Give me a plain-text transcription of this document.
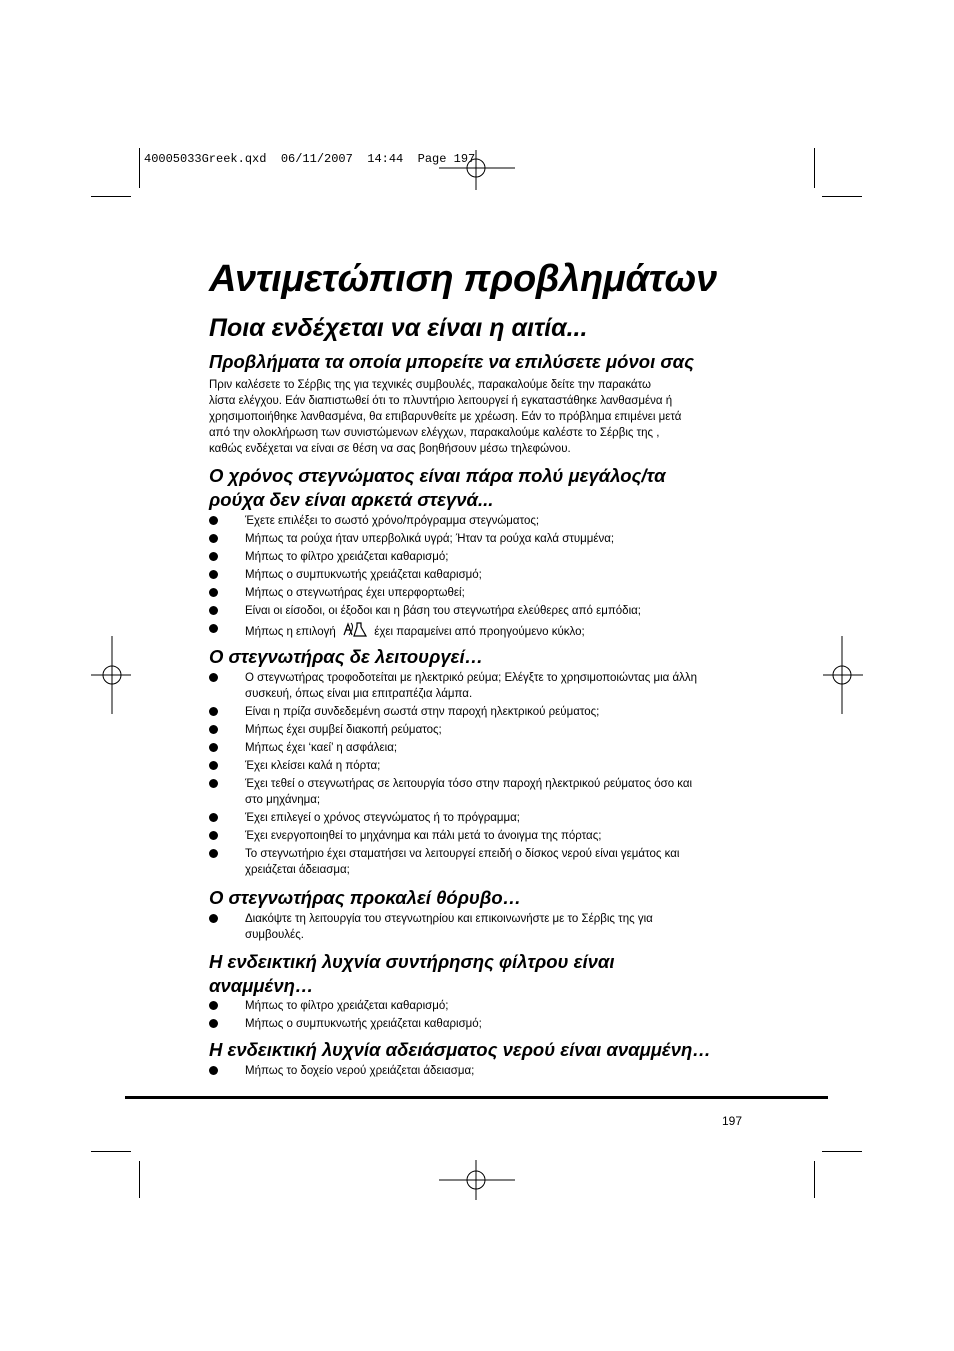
40005033Greek.qxd  06/11/2007  14:44  Page 197
Αντιμετώπιση προβλημάτων
Ποια ενδέχεται να είναι η αιτία...
Προβλήματα τα οποία μπορείτε να επιλύσετε μόνοι σας

Πριν καλέσετε το Σέρβις της για τεχνικές συμβουλές, παρακαλούμε δείτε την παρακάτω

λίστα ελέγχου. Εάν διαπιστωθεί ότι το πλυντήριο λειτουργεί ή εγκαταστάθηκε λανθασμένα ή

χρησιμοποιήθηκε λανθασμένα, θα επιβαρυνθείτε με χρέωση. Εάν το πρόβλημα επιμένει μετά

από την ολοκλήρωση των συνιστώμενων ελέγχων, παρακαλούμε καλέστε το Σέρβις της ,

καθώς ενδέχεται να είναι σε θέση να σας βοηθήσουν μέσω τηλεφώνου.

Ο χρόνος στεγνώματος είναι πάρα πολύ μεγάλος/τα
ρούχα δεν είναι αρκετά στεγνά...
Έχετε επιλέξει το σωστό χρόνο/πρόγραμμα στεγνώματος;
Μήπως τα ρούχα ήταν υπερβολικά υγρά; Ήταν τα ρούχα καλά στυμμένα;
Μήπως το φίλτρο χρειάζεται καθαρισμό;
Μήπως ο συμπυκνωτής χρειάζεται καθαρισμό;
Μήπως ο στεγνωτήρας έχει υπερφορτωθεί;
Είναι οι είσοδοι, οι έξοδοι και η βάση του στεγνωτήρα ελεύθερες από εμπόδια;
Μήπως η επιλογή	έχει παραμείνει από προηγούμενο κύκλο;
Ο στεγνωτήρας δε λειτουργεί…
Ο στεγνωτήρας τροφοδοτείται με ηλεκτρικό ρεύμα; Ελέγξτε το χρησιμοποιώντας μια άλλη
συσκευή, όπως είναι μια επιτραπέζια λάμπα.
Είναι η πρίζα συνδεδεμένη σωστά στην παροχή ηλεκτρικού ρεύματος;
Μήπως έχει συμβεί διακοπή ρεύματος;
Μήπως έχει ‘καεί’ η ασφάλεια;
Έχει κλείσει καλά η πόρτα;
Έχει τεθεί ο στεγνωτήρας σε λειτουργία τόσο στην παροχή ηλεκτρικού ρεύματος όσο και
στο μηχάνημα;
Έχει επιλεγεί ο χρόνος στεγνώματος ή το πρόγραμμα;
Έχει ενεργοποιηθεί το μηχάνημα και πάλι μετά το άνοιγμα της πόρτας;
Το στεγνωτήριο έχει σταματήσει να λειτουργεί επειδή ο δίσκος νερού είναι γεμάτος και
χρειάζεται άδειασμα;
Ο στεγνωτήρας προκαλεί θόρυβο…
Διακόψτε τη λειτουργία του στεγνωτηρίου και επικοινωνήστε με το Σέρβις της για
συμβουλές.
Η ενδεικτική λυχνία συντήρησης φίλτρου είναι
αναμμένη…
Μήπως το φίλτρο χρειάζεται καθαρισμό;
Μήπως ο συμπυκνωτής χρειάζεται καθαρισμό;
Η ενδεικτική λυχνία αδειάσματος νερού είναι αναμμένη…
Μήπως το δοχείο νερού χρειάζεται άδειασμα;
197
